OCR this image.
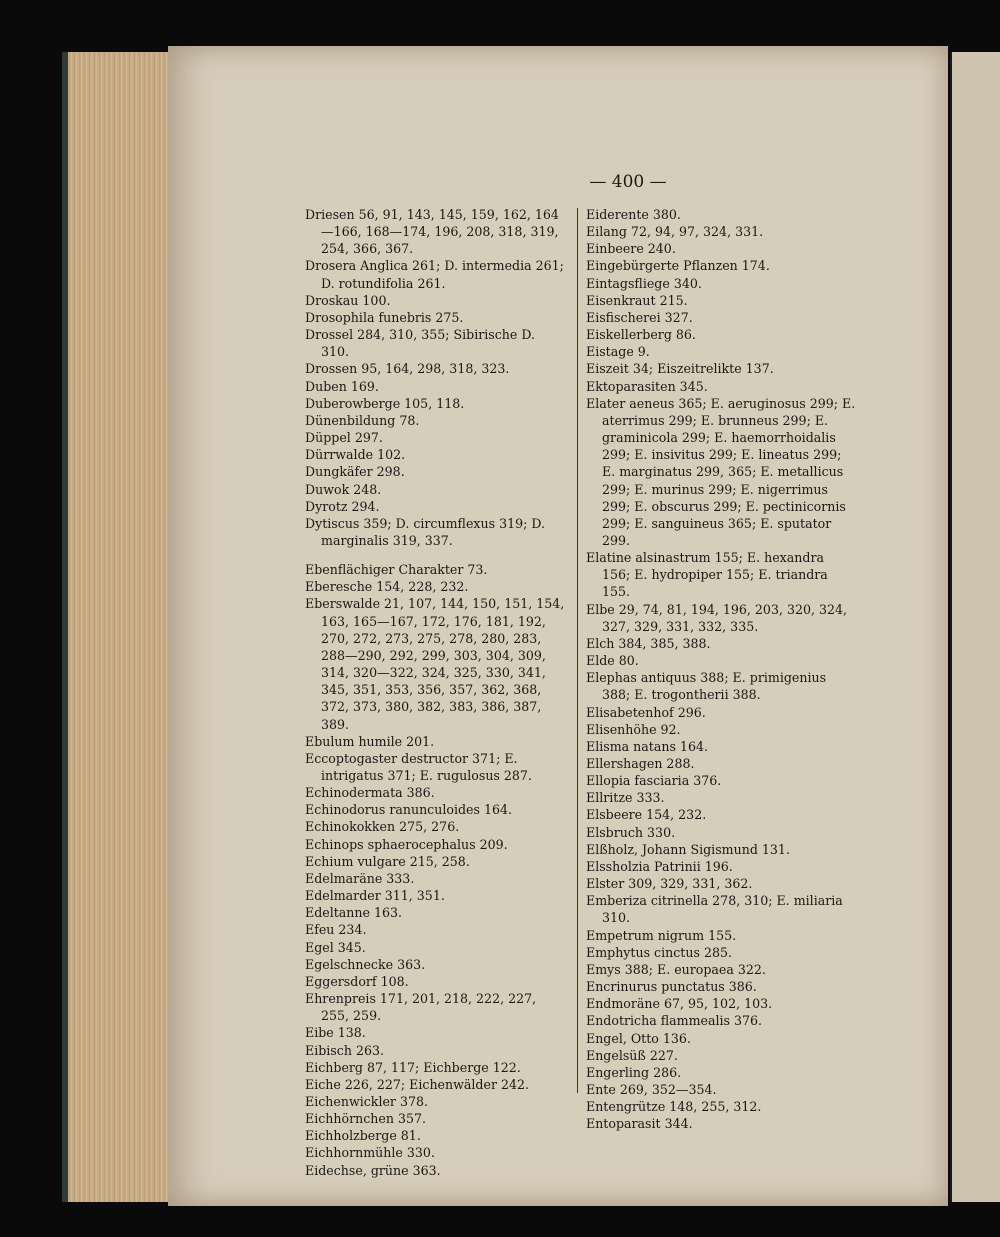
— 400 —

Driesen 56, 91, 143, 145, 159, 162, 164—166, 168—174, 196, 208, 318, 319, 254, 366, 367.
Drosera Anglica 261; D. intermedia 261; D. rotundifolia 261.
Droskau 100.
Drosophila funebris 275.
Drossel 284, 310, 355; Sibirische D. 310.
Drossen 95, 164, 298, 318, 323.
Duben 169.
Duberowberge 105, 118.
Dünenbildung 78.
Düppel 297.
Dürrwalde 102.
Dungkäfer 298.
Duwok 248.
Dyrotz 294.
Dytiscus 359; D. circumflexus 319; D. marginalis 319, 337.
Ebenflächiger Charakter 73.
Eberesche 154, 228, 232.
Eberswalde 21, 107, 144, 150, 151, 154, 163, 165—167, 172, 176, 181, 192, 270, 272, 273, 275, 278, 280, 283, 288—290, 292, 299, 303, 304, 309, 314, 320—322, 324, 325, 330, 341, 345, 351, 353, 356, 357, 362, 368, 372, 373, 380, 382, 383, 386, 387, 389.
Ebulum humile 201.
Eccoptogaster destructor 371; E. intrigatus 371; E. rugulosus 287.
Echinodermata 386.
Echinodorus ranunculoides 164.
Echinokokken 275, 276.
Echinops sphaerocephalus 209.
Echium vulgare 215, 258.
Edelmaräne 333.
Edelmarder 311, 351.
Edeltanne 163.
Efeu 234.
Egel 345.
Egelschnecke 363.
Eggersdorf 108.
Ehrenpreis 171, 201, 218, 222, 227, 255, 259.
Eibe 138.
Eibisch 263.
Eichberg 87, 117; Eichberge 122.
Eiche 226, 227; Eichenwälder 242.
Eichenwickler 378.
Eichhörnchen 357.
Eichholzberge 81.
Eichhornmühle 330.
Eidechse, grüne 363.
Eiderente 380.
Eilang 72, 94, 97, 324, 331.
Einbeere 240.
Eingebürgerte Pflanzen 174.
Eintagsfliege 340.
Eisenkraut 215.
Eisfischerei 327.
Eiskellerberg 86.
Eistage 9.
Eiszeit 34; Eiszeitrelikte 137.
Ektoparasiten 345.
Elater aeneus 365; E. aeruginosus 299; E. aterrimus 299; E. brunneus 299; E. graminicola 299; E. haemorrhoidalis 299; E. insivitus 299; E. lineatus 299; E. marginatus 299, 365; E. metallicus 299; E. murinus 299; E. nigerrimus 299; E. obscurus 299; E. pectinicornis 299; E. sanguineus 365; E. sputator 299.
Elatine alsinastrum 155; E. hexandra 156; E. hydropiper 155; E. triandra 155.
Elbe 29, 74, 81, 194, 196, 203, 320, 324, 327, 329, 331, 332, 335.
Elch 384, 385, 388.
Elde 80.
Elephas antiquus 388; E. primigenius 388; E. trogontherii 388.
Elisabetenhof 296.
Elisenhöhe 92.
Elisma natans 164.
Ellershagen 288.
Ellopia fasciaria 376.
Ellritze 333.
Elsbeere 154, 232.
Elsbruch 330.
Elßholz, Johann Sigismund 131.
Elssholzia Patrinii 196.
Elster 309, 329, 331, 362.
Emberiza citrinella 278, 310; E. miliaria 310.
Empetrum nigrum 155.
Emphytus cinctus 285.
Emys 388; E. europaea 322.
Encrinurus punctatus 386.
Endmoräne 67, 95, 102, 103.
Endotricha flammealis 376.
Engel, Otto 136.
Engelsüß 227.
Engerling 286.
Ente 269, 352—354.
Entengrütze 148, 255, 312.
Entoparasit 344.
